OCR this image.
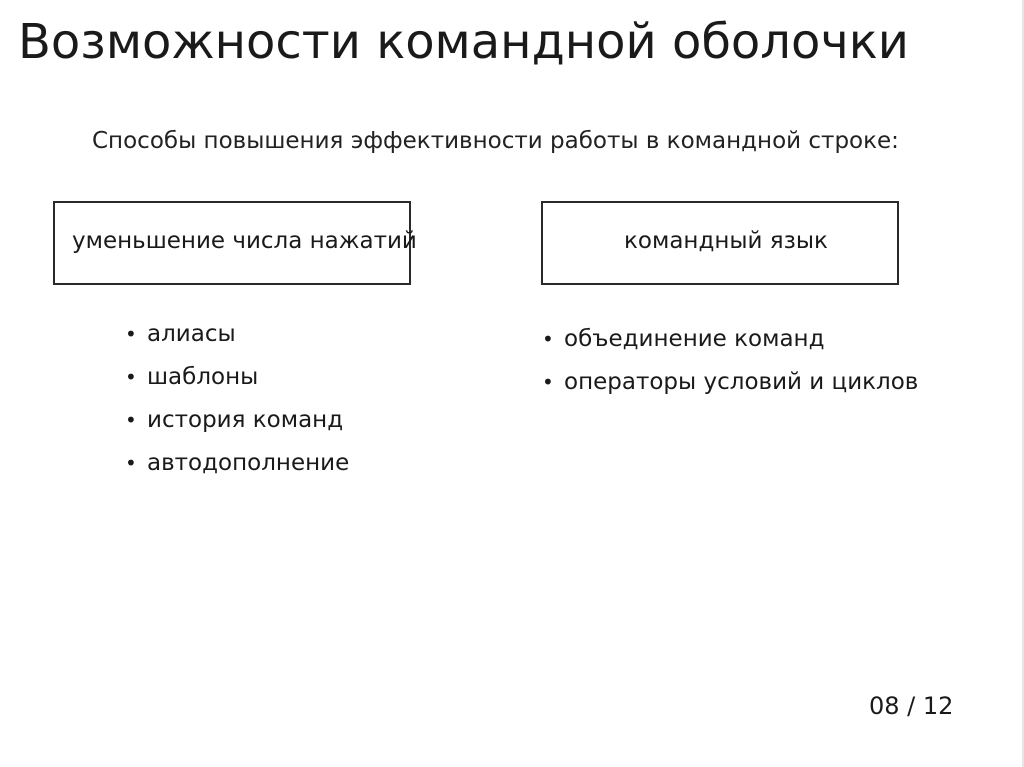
Возможности командной оболочки
Способы повышения эффективности работы в командной строке:
уменьшение числа нажатий	командный язык
• алиасы
• шаблоны
• история команд
• автодополнение
• объединение команд
• операторы условий и циклов
08 / 12
